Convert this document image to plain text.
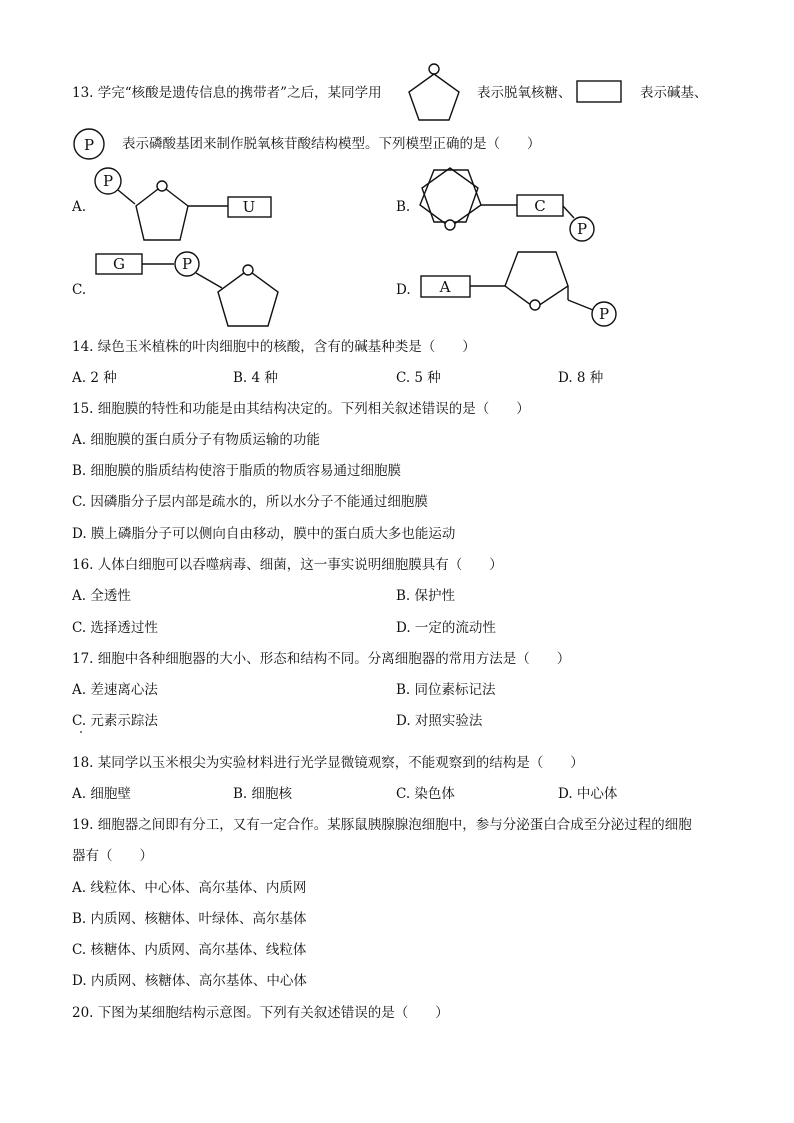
13. 学完“核酸是遗传信息的携带者”之后，某同学用	表示脱氧核糖、	表示碱基、
表示磷酸基团来制作脱氧核苷酸结构模型。下列模型正确的是（　　）
P
P
U	C
P
G	P
A
P
A.	B.
C.	D.
14. 绿色玉米植株的叶肉细胞中的核酸，含有的碱基种类是（　　）
A. 2 种	B. 4 种	C. 5 种	D. 8 种
15. 细胞膜的特性和功能是由其结构决定的。下列相关叙述错误的是（　　）
A. 细胞膜的蛋白质分子有物质运输的功能
B. 细胞膜的脂质结构使溶于脂质的物质容易通过细胞膜
C. 因磷脂分子层内部是疏水的，所以水分子不能通过细胞膜
D. 膜上磷脂分子可以侧向自由移动，膜中的蛋白质大多也能运动
16. 人体白细胞可以吞噬病毒、细菌，这一事实说明细胞膜具有（　　）
A. 全透性	B. 保护性
C. 选择透过性	D. 一定的流动性
17. 细胞中各种细胞器的大小、形态和结构不同。分离细胞器的常用方法是（　　）
A. 差速离心法	B. 同位素标记法
C. 元素示踪法	D. 对照实验法
18. 某同学以玉米根尖为实验材料进行光学显微镜观察，不能观察到的结构是（　　）
A. 细胞壁	B. 细胞核	C. 染色体	D. 中心体
19. 细胞器之间即有分工，又有一定合作。某豚鼠胰腺腺泡细胞中，参与分泌蛋白合成至分泌过程的细胞
器有（　　）
A. 线粒体、中心体、高尔基体、内质网
B. 内质网、核糖体、叶绿体、高尔基体
C. 核糖体、内质网、高尔基体、线粒体
D. 内质网、核糖体、高尔基体、中心体
20. 下图为某细胞结构示意图。下列有关叙述错误的是（　　）
